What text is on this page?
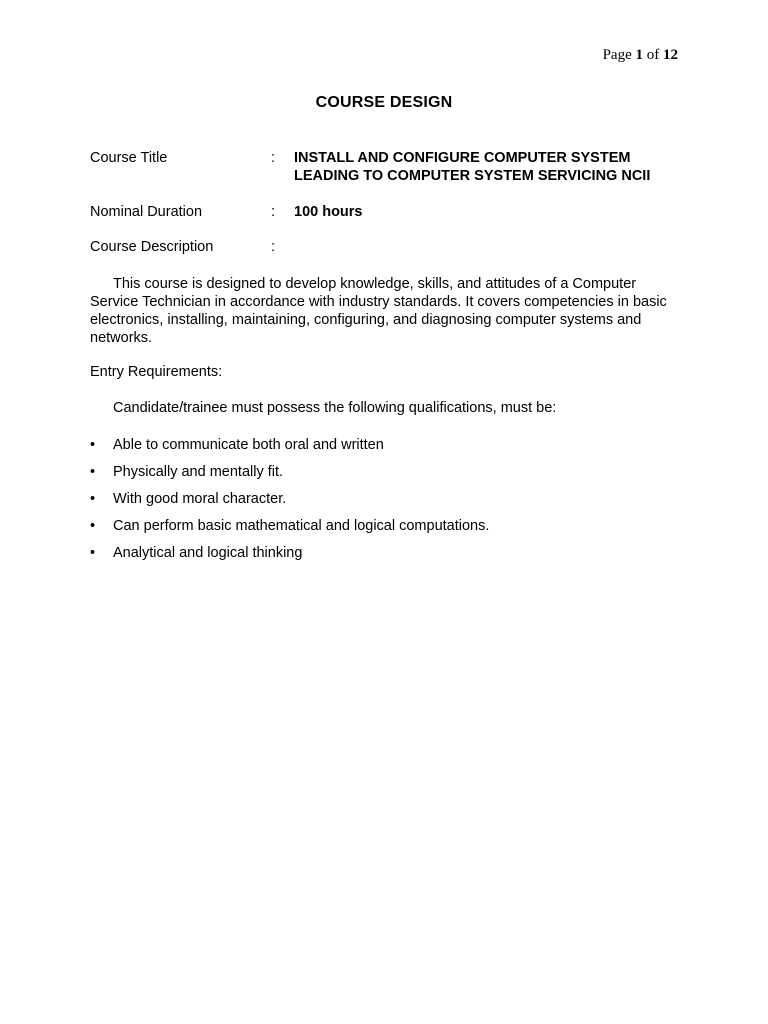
Page 1 of 12
COURSE DESIGN
Course Title	: INSTALL AND CONFIGURE COMPUTER SYSTEM
LEADING TO COMPUTER SYSTEM SERVICING NCII
Nominal Duration	: 100 hours
Course Description	:

This course is designed to develop knowledge, skills, and attitudes of a Computer Service Technician in accordance with industry standards. It covers competencies in basic electronics, installing, maintaining, configuring, and diagnosing computer systems and networks.

Entry Requirements:
Candidate/trainee must possess the following qualifications, must be:
• Able to communicate both oral and written
• Physically and mentally fit.
• With good moral character.
• Can perform basic mathematical and logical computations.
• Analytical and logical thinking
